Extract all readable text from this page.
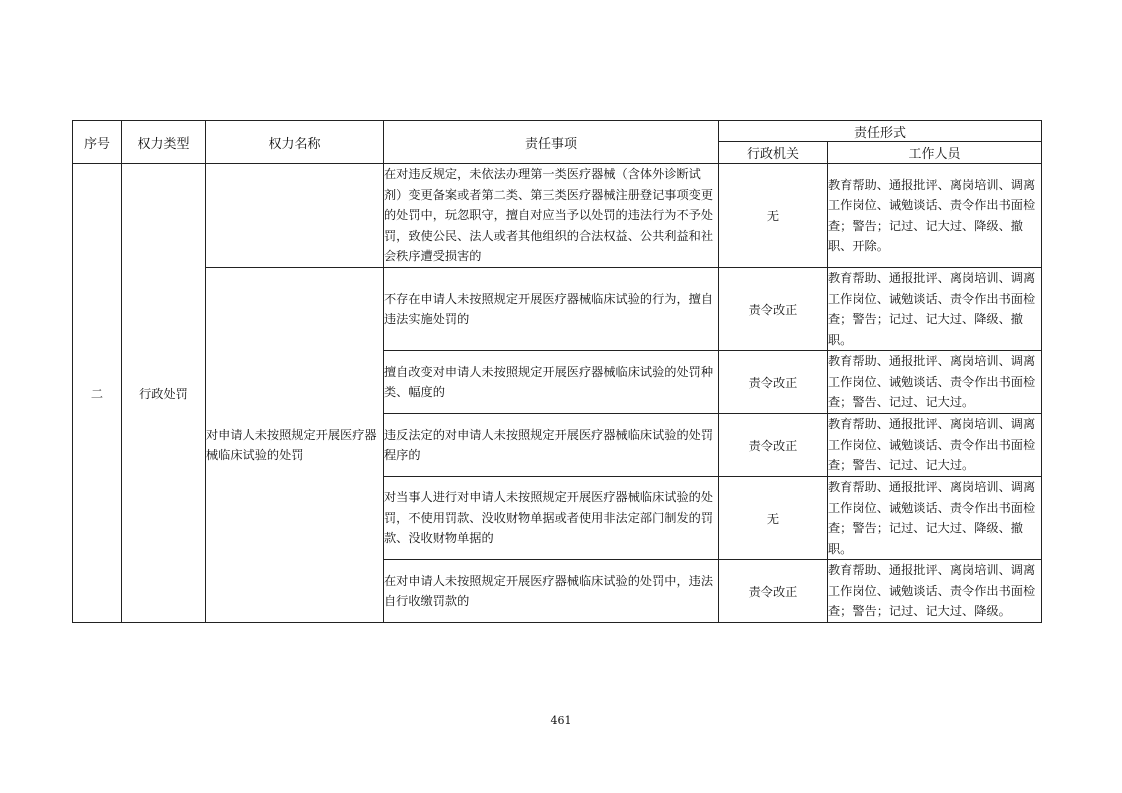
序号	权力类型	权力名称	责任事项	责任形式	
				行政机关	工作人员
二	行政处罚		在对违反规定，未依法办理第一类医疗器械（含体外诊断试剂）变更备案或者第二类、第三类医疗器械注册登记事项变更的处罚中，玩忽职守，擅自对应当予以处罚的违法行为不予处罚，致使公民、法人或者其他组织的合法权益、公共利益和社会秩序遭受损害的	无	教育帮助、通报批评、离岗培训、调离工作岗位、诫勉谈话、责令作出书面检查；警告；记过、记大过、降级、撤职、开除。
		对申请人未按照规定开展医疗器械临床试验的处罚	不存在申请人未按照规定开展医疗器械临床试验的行为，擅自违法实施处罚的	责令改正	教育帮助、通报批评、离岗培训、调离工作岗位、诫勉谈话、责令作出书面检查；警告；记过、记大过、降级、撤职。
			擅自改变对申请人未按照规定开展医疗器械临床试验的处罚种类、幅度的	责令改正	教育帮助、通报批评、离岗培训、调离工作岗位、诫勉谈话、责令作出书面检查；警告、记过、记大过。
			违反法定的对申请人未按照规定开展医疗器械临床试验的处罚程序的	责令改正	教育帮助、通报批评、离岗培训、调离工作岗位、诫勉谈话、责令作出书面检查；警告、记过、记大过。
			对当事人进行对申请人未按照规定开展医疗器械临床试验的处罚，不使用罚款、没收财物单据或者使用非法定部门制发的罚款、没收财物单据的	无	教育帮助、通报批评、离岗培训、调离工作岗位、诫勉谈话、责令作出书面检查；警告；记过、记大过、降级、撤职。
			在对申请人未按照规定开展医疗器械临床试验的处罚中，违法自行收缴罚款的	责令改正	教育帮助、通报批评、离岗培训、调离工作岗位、诫勉谈话、责令作出书面检查；警告；记过、记大过、降级。
461
